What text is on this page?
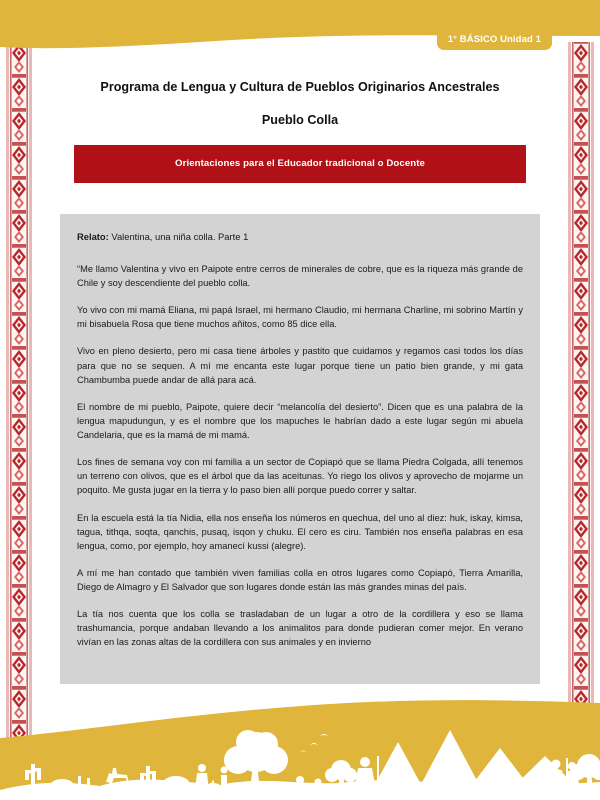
1° BÁSICO Unidad 1
Programa de Lengua y Cultura de Pueblos Originarios Ancestrales
Pueblo Colla
Orientaciones para el Educador tradicional o Docente
Relato: Valentina, una niña colla. Parte 1

“Me llamo Valentina y vivo en Paipote entre cerros de minerales de cobre, que es la riqueza más grande de Chile y soy descendiente del pueblo colla.

Yo vivo con mi mamá Eliana, mi papá Israel, mi hermano Claudio, mi hermana Charline, mi sobrino Martín y mi bisabuela Rosa que tiene muchos añitos, como 85 dice ella.

Vivo en pleno desierto, pero mi casa tiene árboles y pastito que cuidamos y regamos casi todos los días para que no se sequen. A mí me encanta este lugar porque tiene un patio bien grande, y mi gata Chambumba puede andar de allá para acá.

El nombre de mi pueblo, Paipote, quiere decir “melancolía del desierto”. Dicen que es una palabra de la lengua mapudungun, y es el nombre que los mapuches le habrían dado a este lugar según mi abuela Candelaria, que es la mamá de mi mamá.

Los fines de semana voy con mi familia a un sector de Copiapó que se llama Piedra Colgada, allí tenemos un terreno con olivos, que es el árbol que da las aceitunas. Yo riego los olivos y aprovecho de mojarme un poquito. Me gusta jugar en la tierra y lo paso bien allí porque puedo correr y saltar.

En la escuela está la tía Nidia, ella nos enseña los números en quechua, del uno al diez: huk, iskay, kimsa, tagua, tithqa, soqta, qanchis, pusaq, isqon y chuku. El cero es ciru. También nos enseña palabras en esa lengua, como, por ejemplo, hoy amanecí kussi (alegre).

A mí me han contado que también viven familias colla en otros lugares como Copiapó, Tierra Amarilla, Diego de Almagro y El Salvador que son lugares donde están las más grandes minas del país.

La tía nos cuenta que los colla se trasladaban de un lugar a otro de la cordillera y eso se llama trashumancia, porque andaban llevando a los animalitos para donde pudieran comer mejor. En verano vivían en las zonas altas de la cordillera con sus animales y en invierno
